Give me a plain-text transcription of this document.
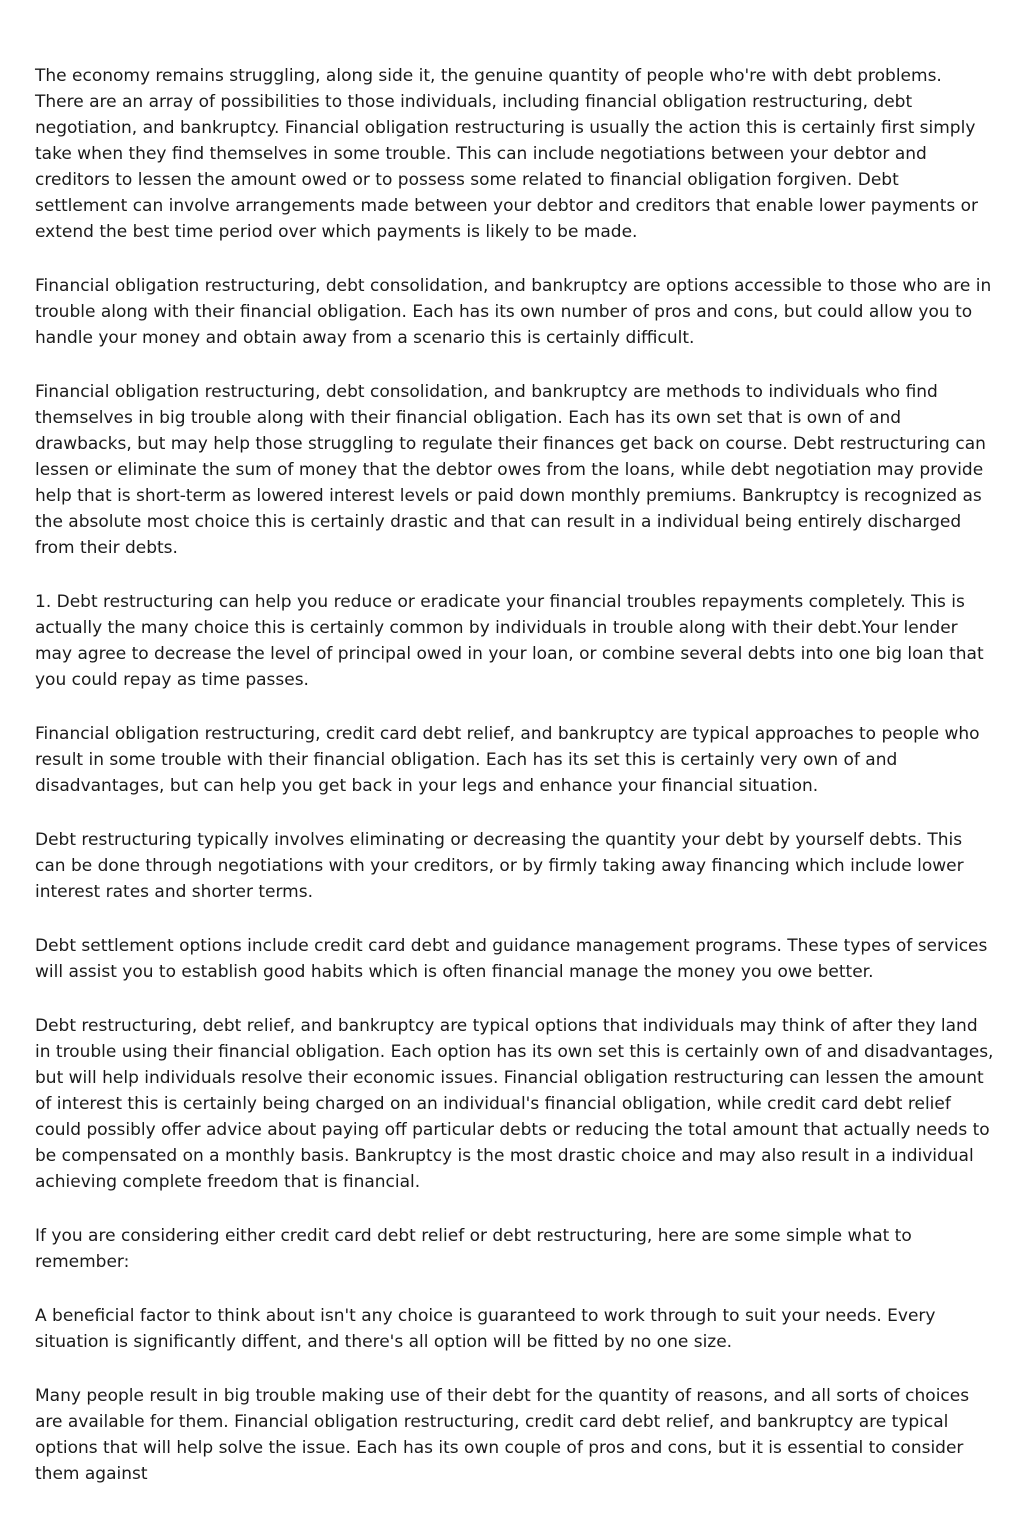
The economy remains struggling, along side it, the genuine quantity of people who're with debt problems. There are an array of possibilities to those individuals, including financial obligation restructuring, debt negotiation, and bankruptcy. Financial obligation restructuring is usually the action this is certainly first simply take when they find themselves in some trouble. This can include negotiations between your debtor and creditors to lessen the amount owed or to possess some related to financial obligation forgiven. Debt settlement can involve arrangements made between your debtor and creditors that enable lower payments or extend the best time period over which payments is likely to be made.

Financial obligation restructuring, debt consolidation, and bankruptcy are options accessible to those who are in trouble along with their financial obligation. Each has its own number of pros and cons, but could allow you to handle your money and obtain away from a scenario this is certainly difficult.

Financial obligation restructuring, debt consolidation, and bankruptcy are methods to individuals who find themselves in big trouble along with their financial obligation. Each has its own set that is own of and drawbacks, but may help those struggling to regulate their finances get back on course. Debt restructuring can lessen or eliminate the sum of money that the debtor owes from the loans, while debt negotiation may provide help that is short-term as lowered interest levels or paid down monthly premiums. Bankruptcy is recognized as the absolute most choice this is certainly drastic and that can result in a individual being entirely discharged from their debts.

1. Debt restructuring can help you reduce or eradicate your financial troubles repayments completely. This is actually the many choice this is certainly common by individuals in trouble along with their debt.Your lender may agree to decrease the level of principal owed in your loan, or combine several debts into one big loan that you could repay as time passes.

Financial obligation restructuring, credit card debt relief, and bankruptcy are typical approaches to people who result in some trouble with their financial obligation. Each has its set this is certainly very own of and disadvantages, but can help you get back in your legs and enhance your financial situation.

Debt restructuring typically involves eliminating or decreasing the quantity your debt by yourself debts. This can be done through negotiations with your creditors, or by firmly taking away financing which include lower interest rates and shorter terms.

Debt settlement options include credit card debt and guidance management programs. These types of services will assist you to establish good habits which is often financial manage the money you owe better.

Debt restructuring, debt relief, and bankruptcy are typical options that individuals may think of after they land in trouble using their financial obligation. Each option has its own set this is certainly own of and disadvantages, but will help individuals resolve their economic issues. Financial obligation restructuring can lessen the amount of interest this is certainly being charged on an individual's financial obligation, while credit card debt relief could possibly offer advice about paying off particular debts or reducing the total amount that actually needs to be compensated on a monthly basis. Bankruptcy is the most drastic choice and may also result in a individual achieving complete freedom that is financial.

If you are considering either credit card debt relief or debt restructuring, here are some simple what to remember:

A beneficial factor to think about isn't any choice is guaranteed to work through to suit your needs. Every situation is significantly diffent, and there's all option will be fitted by no one size.

Many people result in big trouble making use of their debt for the quantity of reasons, and all sorts of choices are available for them. Financial obligation restructuring, credit card debt relief, and bankruptcy are typical options that will help solve the issue. Each has its own couple of pros and cons, but it is essential to consider them against
